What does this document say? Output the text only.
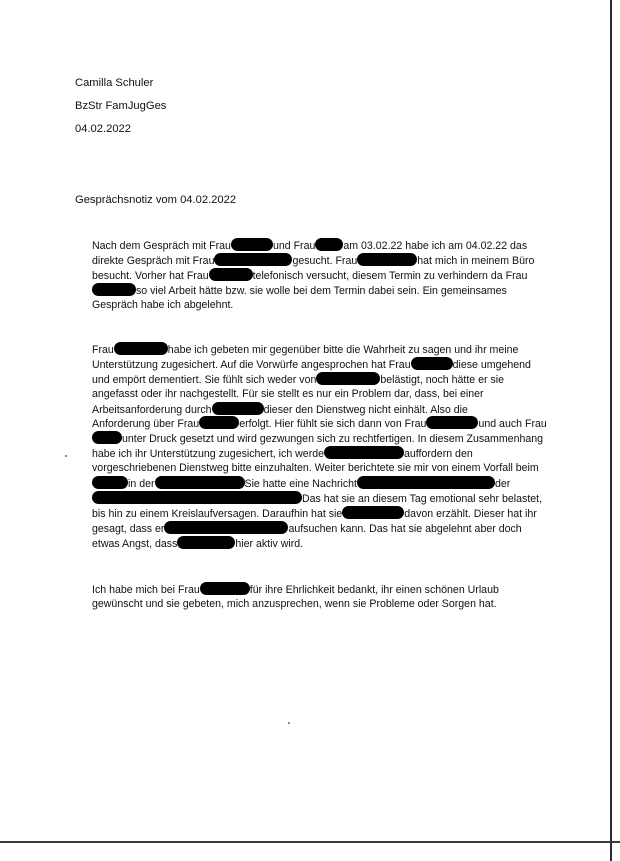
Camilla Schuler
BzStr FamJugGes
04.02.2022
Gesprächsnotiz vom 04.02.2022
Nach dem Gespräch mit Frau	und Frau	am 03.02.22 habe ich am 04.02.22 das
direkte Gespräch mit Frau	gesucht. Frau	hat mich in meinem Büro
besucht. Vorher hat Frau	telefonisch versucht, diesem Termin zu verhindern da Frau
so viel Arbeit hätte bzw. sie wolle bei dem Termin dabei sein. Ein gemeinsames
Gespräch habe ich abgelehnt.
Frau	habe ich gebeten mir gegenüber bitte die Wahrheit zu sagen und ihr meine
Unterstützung zugesichert. Auf die Vorwürfe angesprochen hat Frau	diese umgehend
und empört dementiert. Sie fühlt sich weder von	belästigt, noch hätte er sie
angefasst oder ihr nachgestellt. Für sie stellt es nur ein Problem dar, dass, bei einer
Arbeitsanforderung durch	dieser den Dienstweg nicht einhält. Also die
Anforderung über Frau	erfolgt. Hier fühlt sie sich dann von Frau	und auch Frau
unter Druck gesetzt und wird gezwungen sich zu rechtfertigen. In diesem Zusammenhang
habe ich ihr Unterstützung zugesichert, ich werde	auffordern den
vorgeschriebenen Dienstweg bitte einzuhalten. Weiter berichtete sie mir von einem Vorfall beim
in der	Sie hatte eine Nachricht	der
Das hat sie an diesem Tag emotional sehr belastet,
bis hin zu einem Kreislaufversagen. Daraufhin hat sie	davon erzählt. Dieser hat ihr
gesagt, dass er	aufsuchen kann. Das hat sie abgelehnt aber doch
etwas Angst, dass	hier aktiv wird.
Ich habe mich bei Frau	für ihre Ehrlichkeit bedankt, ihr einen schönen Urlaub
gewünscht und sie gebeten, mich anzusprechen, wenn sie Probleme oder Sorgen hat.
